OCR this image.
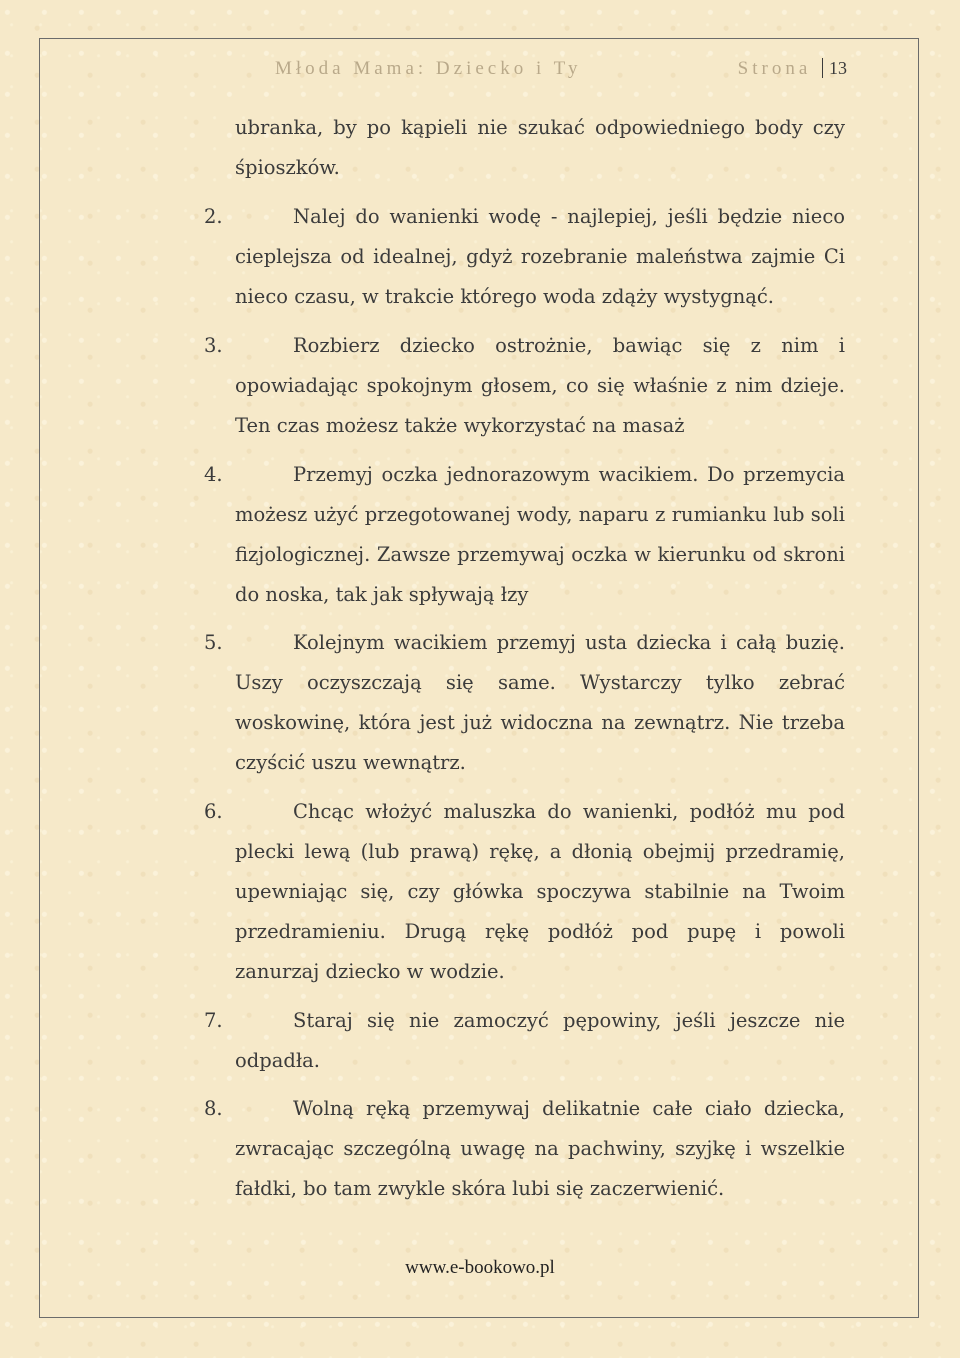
Młoda Mama: Dziecko i Ty	Strona 13
ubranka, by po kąpieli nie szukać odpowiedniego body czy śpioszków.
2.	Nalej do wanienki wodę - najlepiej, jeśli będzie nieco cieplejsza od idealnej, gdyż rozebranie maleństwa zajmie Ci nieco czasu, w trakcie którego woda zdąży wystygnąć.
3.	Rozbierz dziecko ostrożnie, bawiąc się z nim i opowiadając spokojnym głosem, co się właśnie z nim dzieje. Ten czas możesz także wykorzystać na masaż
4.	Przemyj oczka jednorazowym wacikiem. Do przemycia możesz użyć przegotowanej wody, naparu z rumianku lub soli fizjologicznej. Zawsze przemywaj oczka w kierunku od skroni do noska, tak jak spływają łzy
5.	Kolejnym wacikiem przemyj usta dziecka i całą buzię. Uszy oczyszczają się same. Wystarczy tylko zebrać woskowinę, która jest już widoczna na zewnątrz. Nie trzeba czyścić uszu wewnątrz.
6.	Chcąc włożyć maluszka do wanienki, podłóż mu pod plecki lewą (lub prawą) rękę, a dłonią obejmij przedramię, upewniając się, czy główka spoczywa stabilnie na Twoim przedramieniu. Drugą rękę podłóż pod pupę i powoli zanurzaj dziecko w wodzie.
7.	Staraj się nie zamoczyć pępowiny, jeśli jeszcze nie odpadła.
8.	Wolną ręką przemywaj delikatnie całe ciało dziecka, zwracając szczególną uwagę na pachwiny, szyjkę i wszelkie fałdki, bo tam zwykle skóra lubi się zaczerwienić.
www.e-bookowo.pl
